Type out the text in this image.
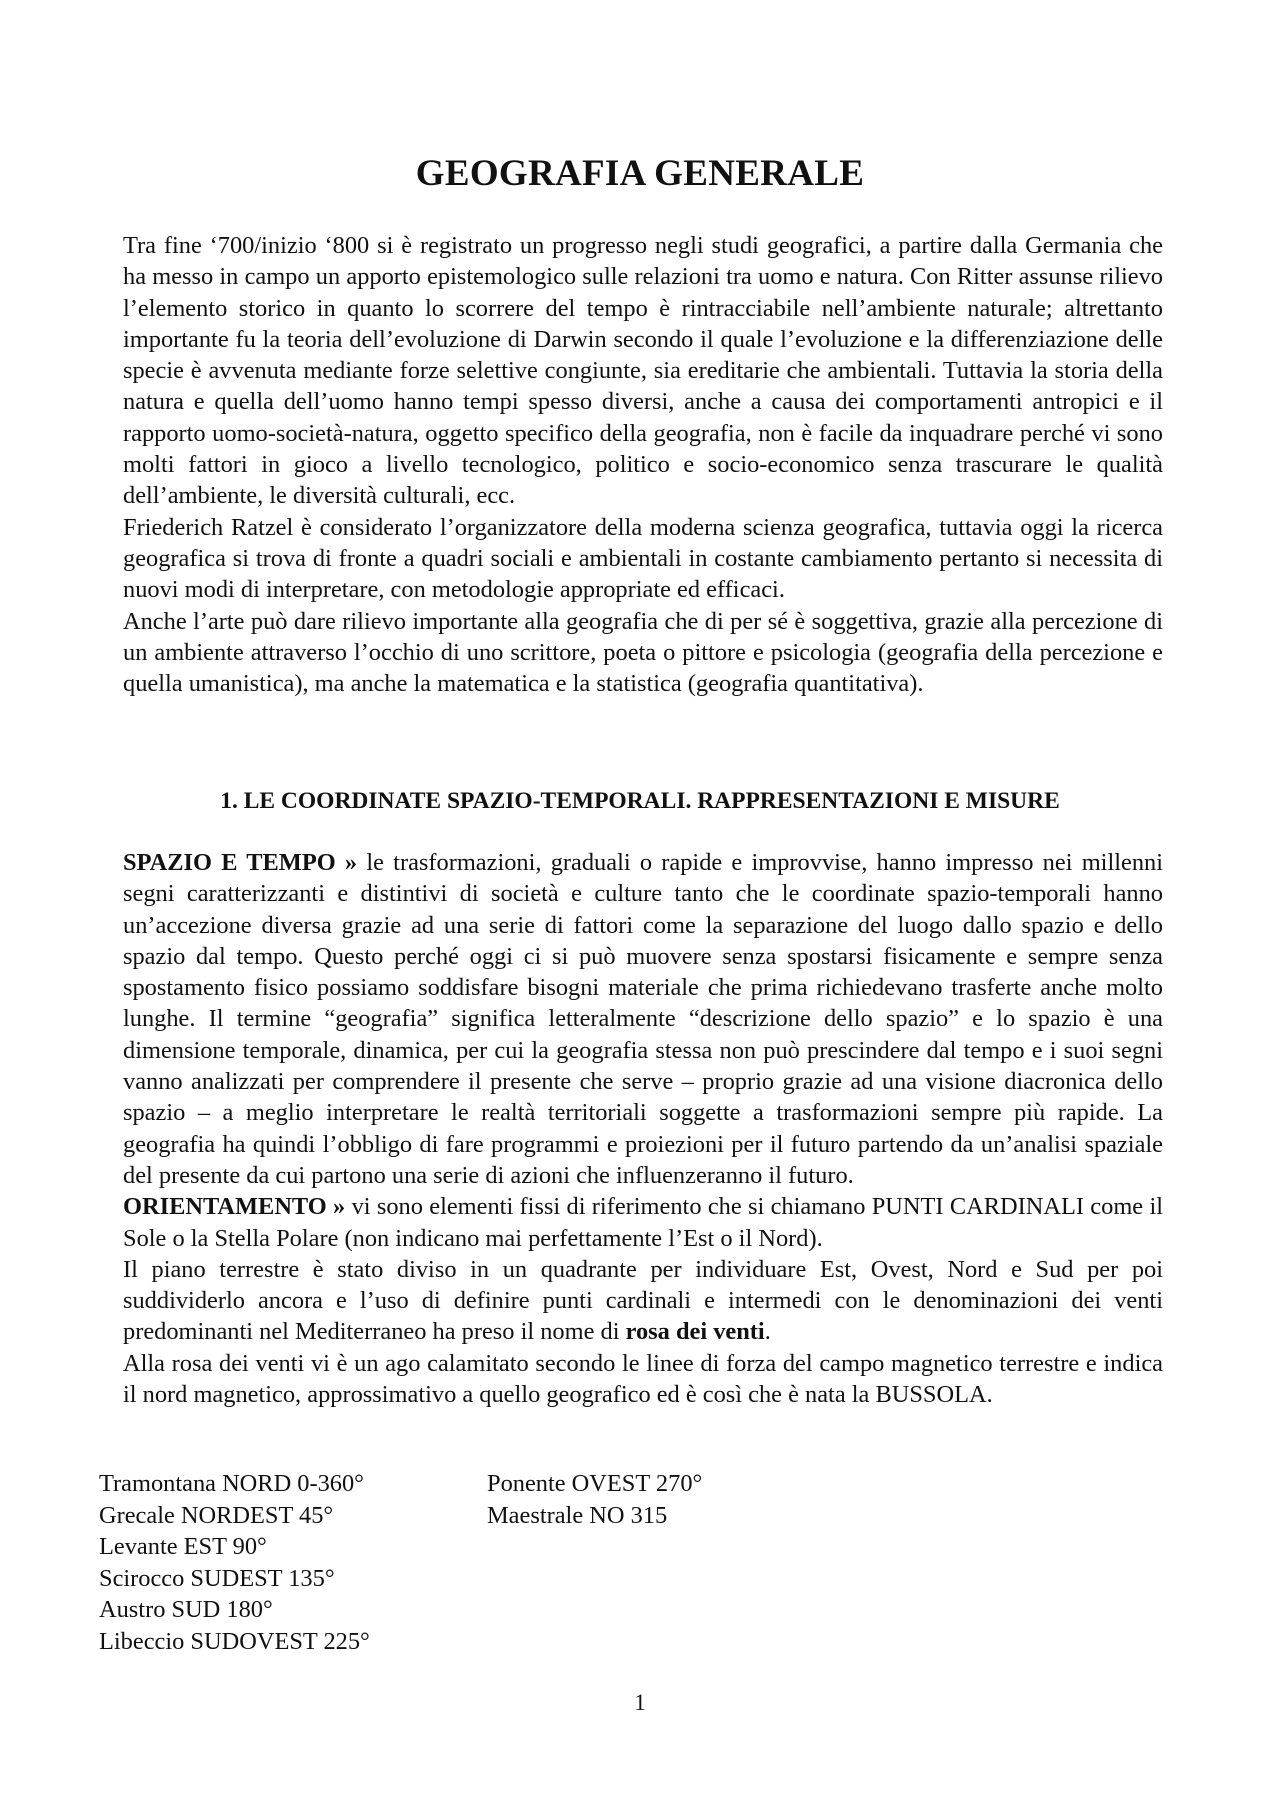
GEOGRAFIA GENERALE

Tra fine ‘700/inizio ‘800 si è registrato un progresso negli studi geografici, a partire dalla Germania che ha messo in campo un apporto epistemologico sulle relazioni tra uomo e natura. Con Ritter assunse rilievo l’elemento storico in quanto lo scorrere del tempo è rintracciabile nell’ambiente naturale; altrettanto importante fu la teoria dell’evoluzione di Darwin secondo il quale l’evoluzione e la differenziazione delle specie è avvenuta mediante forze selettive congiunte, sia ereditarie che ambientali. Tuttavia la storia della natura e quella dell’uomo hanno tempi spesso diversi, anche a causa dei comportamenti antropici e il rapporto uomo-società-natura, oggetto specifico della geografia, non è facile da inquadrare perché vi sono molti fattori in gioco a livello tecnologico, politico e socio-economico senza trascurare le qualità dell’ambiente, le diversità culturali, ecc.

Friederich Ratzel è considerato l’organizzatore della moderna scienza geografica, tuttavia oggi la ricerca geografica si trova di fronte a quadri sociali e ambientali in costante cambiamento pertanto si necessita di nuovi modi di interpretare, con metodologie appropriate ed efficaci.

Anche l’arte può dare rilievo importante alla geografia che di per sé è soggettiva, grazie alla percezione di un ambiente attraverso l’occhio di uno scrittore, poeta o pittore e psicologia (geografia della percezione e quella umanistica), ma anche la matematica e la statistica (geografia quantitativa).

1. LE COORDINATE SPAZIO-TEMPORALI. RAPPRESENTAZIONI E MISURE

SPAZIO E TEMPO » le trasformazioni, graduali o rapide e improvvise, hanno impresso nei millenni segni caratterizzanti e distintivi di società e culture tanto che le coordinate spazio-temporali hanno un’accezione diversa grazie ad una serie di fattori come la separazione del luogo dallo spazio e dello spazio dal tempo. Questo perché oggi ci si può muovere senza spostarsi fisicamente e sempre senza spostamento fisico possiamo soddisfare bisogni materiale che prima richiedevano trasferte anche molto lunghe. Il termine “geografia” significa letteralmente “descrizione dello spazio” e lo spazio è una dimensione temporale, dinamica, per cui la geografia stessa non può prescindere dal tempo e i suoi segni vanno analizzati per comprendere il presente che serve – proprio grazie ad una visione diacronica dello spazio – a meglio interpretare le realtà territoriali soggette a trasformazioni sempre più rapide. La geografia ha quindi l’obbligo di fare programmi e proiezioni per il futuro partendo da un’analisi spaziale del presente da cui partono una serie di azioni che influenzeranno il futuro.

ORIENTAMENTO » vi sono elementi fissi di riferimento che si chiamano PUNTI CARDINALI come il Sole o la Stella Polare (non indicano mai perfettamente l’Est o il Nord).

Il piano terrestre è stato diviso in un quadrante per individuare Est, Ovest, Nord e Sud per poi suddividerlo ancora e l’uso di definire punti cardinali e intermedi con le denominazioni dei venti predominanti nel Mediterraneo ha preso il nome di rosa dei venti.

Alla rosa dei venti vi è un ago calamitato secondo le linee di forza del campo magnetico terrestre e indica il nord magnetico, approssimativo a quello geografico ed è così che è nata la BUSSOLA.

Tramontana NORD 0-360°
Grecale NORDEST 45°
Levante EST 90°
Scirocco SUDEST 135°
Austro SUD 180°
Libeccio SUDOVEST 225°
Ponente OVEST 270°
Maestrale NO 315
1
